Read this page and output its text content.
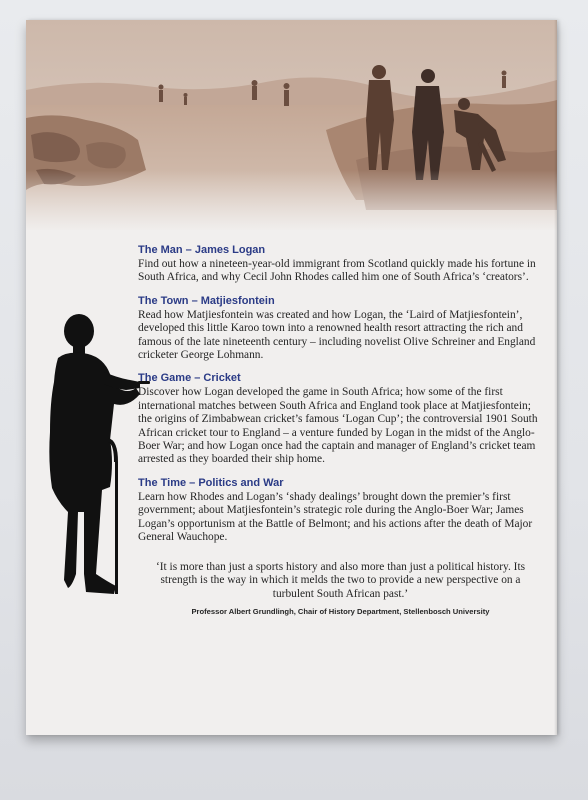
The Man – James Logan
Find out how a nineteen-year-old immigrant from Scotland quickly made his fortune in South Africa, and why Cecil John Rhodes called him one of South Africa’s ‘creators’.
The Town – Matjiesfontein
Read how Matjiesfontein was created and how Logan, the ‘Laird of Matjiesfontein’, developed this little Karoo town into a renowned health resort attracting the rich and famous of the late nineteenth century – including novelist Olive Schreiner and England cricketer George Lohmann.
The Game – Cricket
Discover how Logan developed the game in South Africa; how some of the first international matches between South Africa and England took place at Matjiesfontein; the origins of Zimbabwean cricket’s famous ‘Logan Cup’; the controversial 1901 South African cricket tour to England – a venture funded by Logan in the midst of the Anglo-Boer War; and how Logan once had the captain and manager of England’s cricket team arrested as they boarded their ship home.
The Time – Politics and War
Learn how Rhodes and Logan’s ‘shady dealings’ brought down the premier’s first government; about Matjiesfontein’s strategic role during the Anglo-Boer War; James Logan’s opportunism at the Battle of Belmont; and his actions after the death of Major General Wauchope.
‘It is more than just a sports history and also more than just a political history. Its strength is the way in which it melds the two to provide a new perspective on a turbulent South African past.’
Professor Albert Grundlingh, Chair of History Department, Stellenbosch University
